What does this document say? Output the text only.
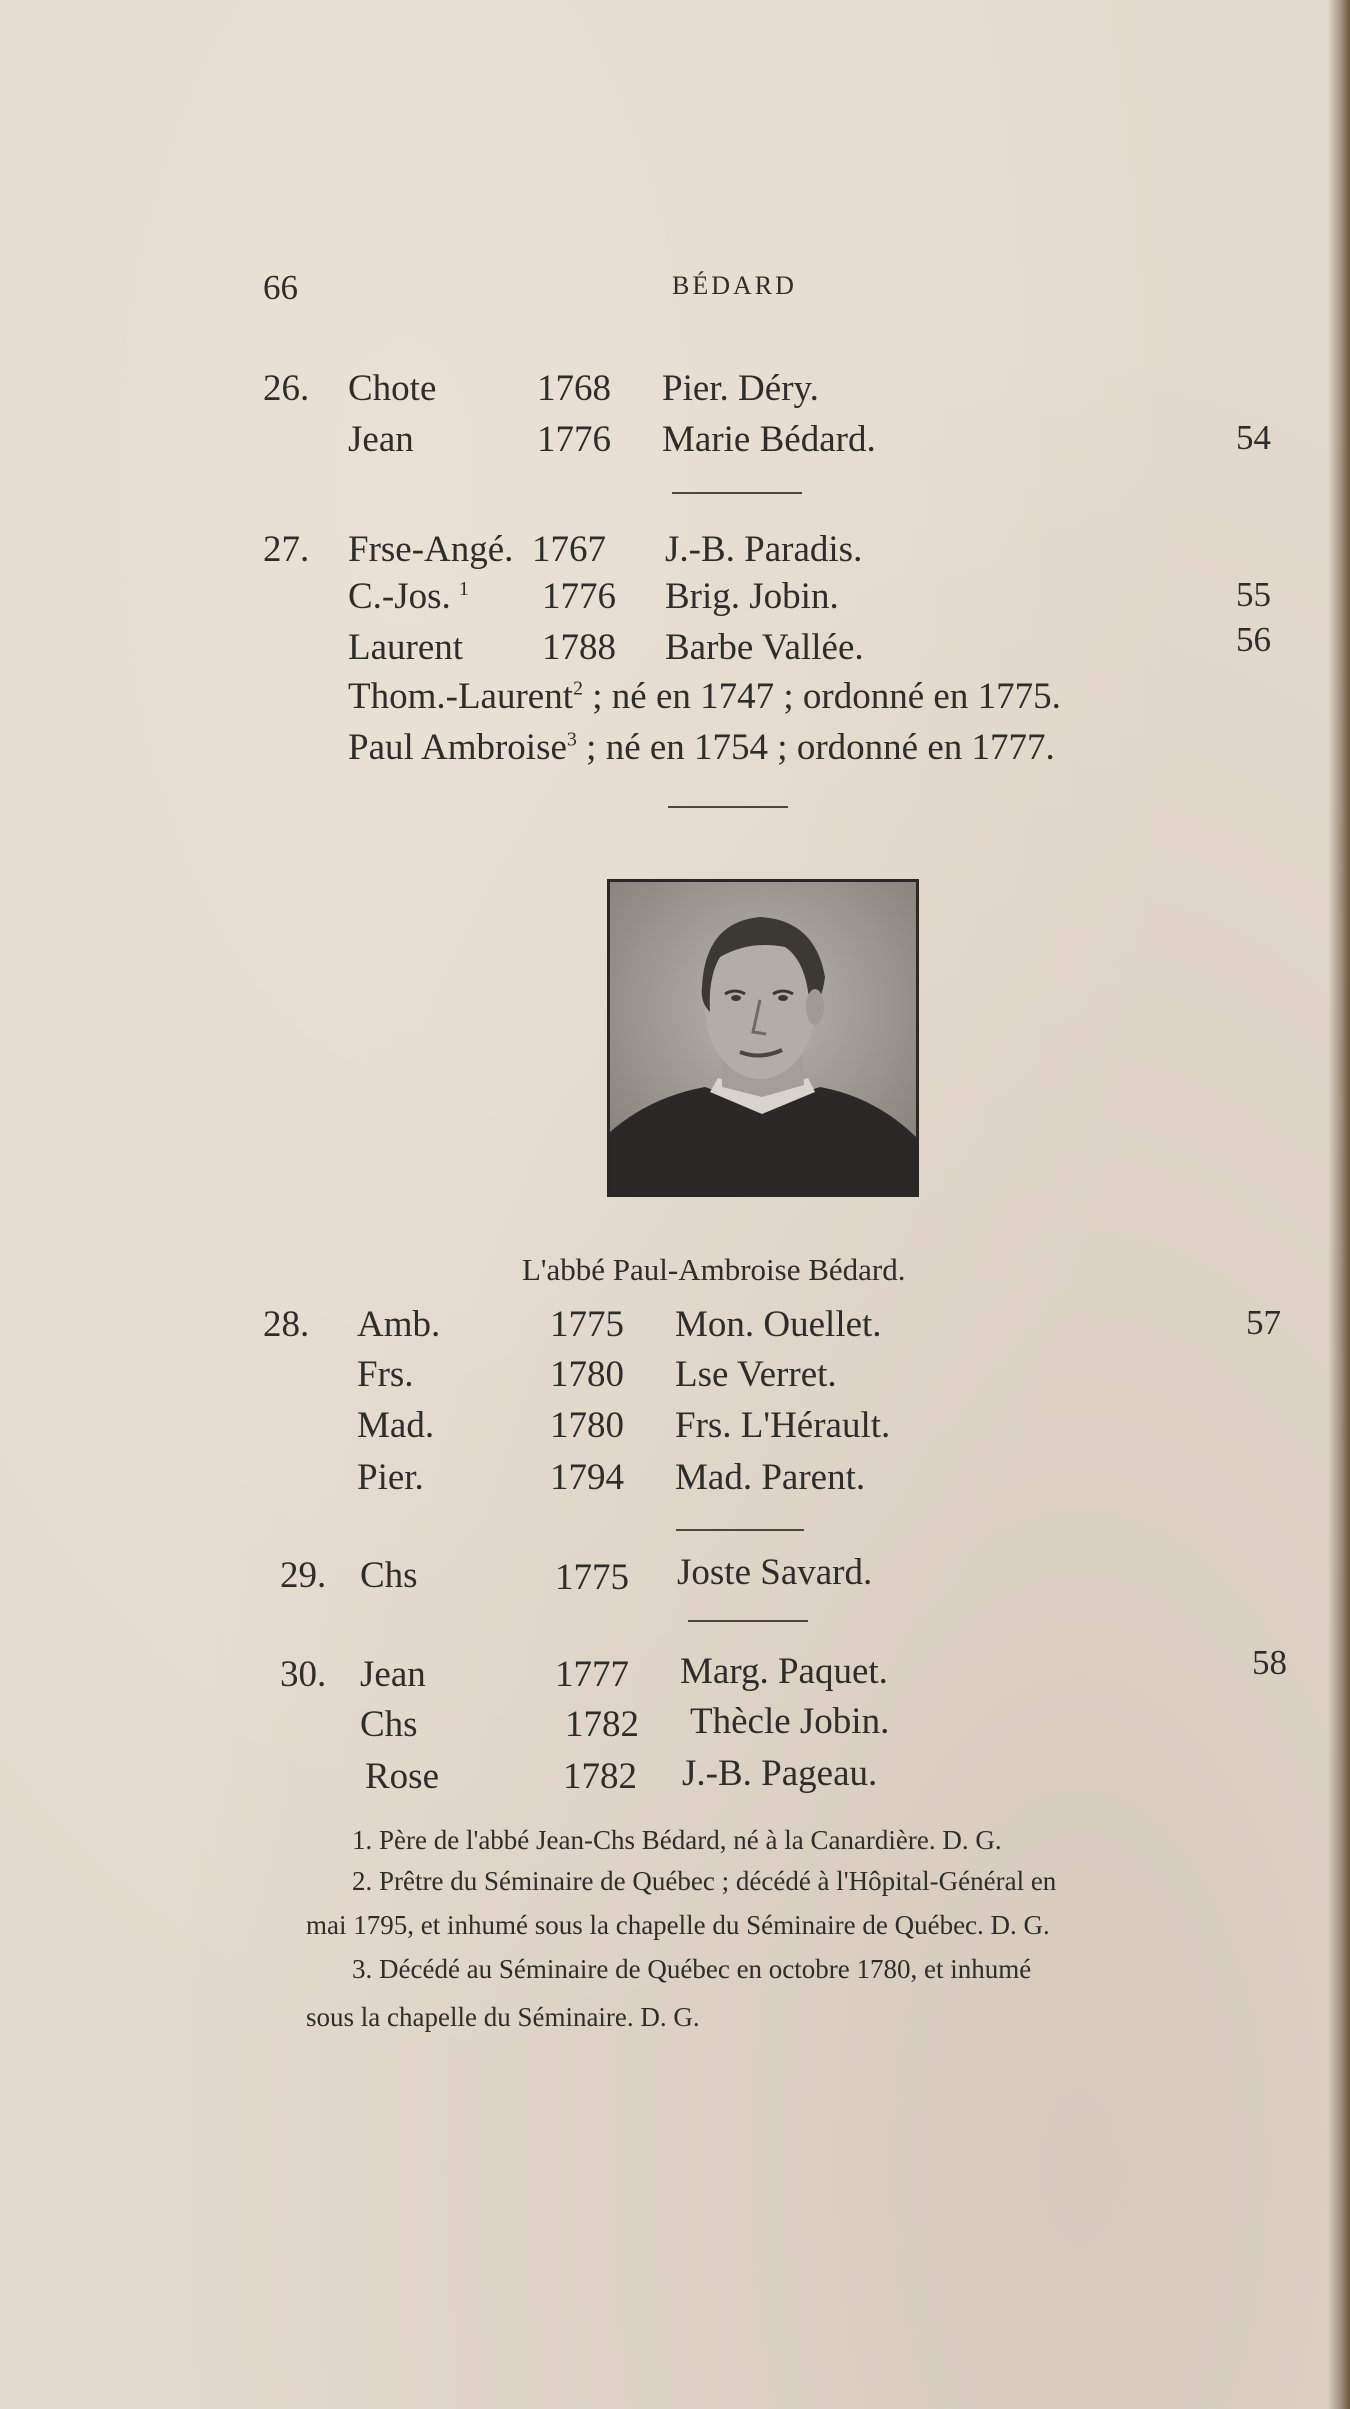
66	BÉDARD
26. Chote	1768 Pier. Déry.
Jean	1776 Marie Bédard.	54
27. Frse-Angé. 1767 J.-B. Paradis.
C.-Jos. $^1$ 1776 Brig. Jobin.	55
Laurent 1788 Barbe Vallée.	56
Thom.-Laurent$^2$ ; né en 1747 ; ordonné en 1775.
Paul Ambroise$^3$ ; né en 1754 ; ordonné en 1777.
L'abbé Paul-Ambroise Bédard.
28. Amb.	1775 Mon. Ouellet.	57
Frs.	1780 Lse Verret.
Mad.	1780 Frs. L'Hérault.
Pier.	1794 Mad. Parent.
29. Chs	1775 Joste Savard.
30. Jean	1777 Marg. Paquet.	58
Chs	1782 Thècle Jobin.
Rose	1782 J.-B. Pageau.
1. Père de l'abbé Jean-Chs Bédard, né à la Canardière. D. G.
2. Prêtre du Séminaire de Québec ; décédé à l'Hôpital-Général en
mai 1795, et inhumé sous la chapelle du Séminaire de Québec. D. G.
3. Décédé au Séminaire de Québec en octobre 1780, et inhumé
sous la chapelle du Séminaire. D. G.
